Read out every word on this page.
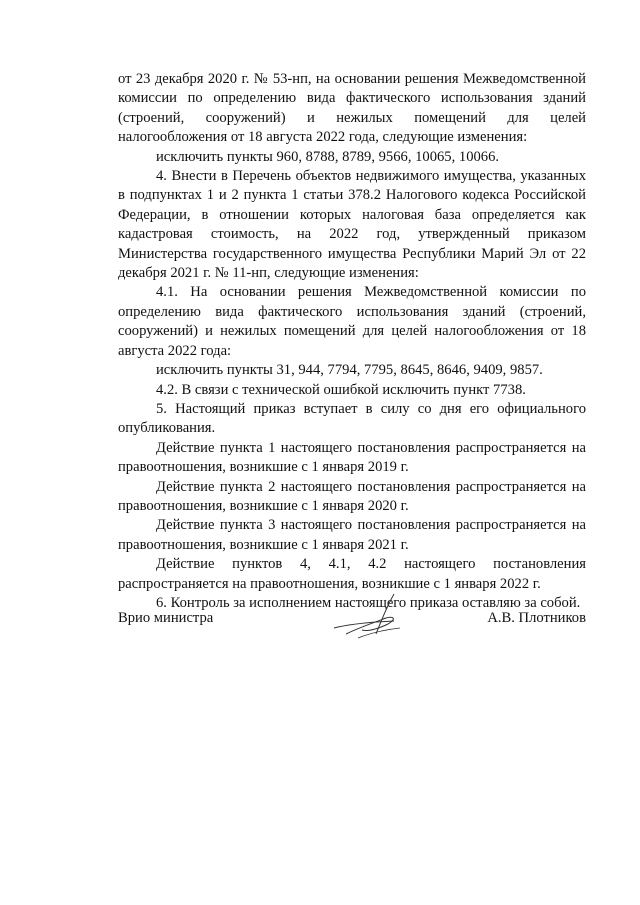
от 23 декабря 2020 г. № 53-нп, на основании решения Межведомственной комиссии по определению вида фактического использования зданий (строений, сооружений) и нежилых помещений для целей налогообложения от 18 августа 2022 года, следующие изменения:

исключить пункты 960, 8788, 8789, 9566, 10065, 10066.

4. Внести в Перечень объектов недвижимого имущества, указанных в подпунктах 1 и 2 пункта 1 статьи 378.2 Налогового кодекса Российской Федерации, в отношении которых налоговая база определяется как кадастровая стоимость, на 2022 год, утвержденный приказом Министерства государственного имущества Республики Марий Эл от 22 декабря 2021 г. № 11-нп, следующие изменения:

4.1. На основании решения Межведомственной комиссии по определению вида фактического использования зданий (строений, сооружений) и нежилых помещений для целей налогообложения от 18 августа 2022 года:

исключить пункты 31, 944, 7794, 7795, 8645, 8646, 9409, 9857.

4.2. В связи с технической ошибкой исключить пункт 7738.

5. Настоящий приказ вступает в силу со дня его официального опубликования.

Действие пункта 1 настоящего постановления распространяется на правоотношения, возникшие с 1 января 2019 г.

Действие пункта 2 настоящего постановления распространяется на правоотношения, возникшие с 1 января 2020 г.

Действие пункта 3 настоящего постановления распространяется на правоотношения, возникшие с 1 января 2021 г.

Действие пунктов 4, 4.1, 4.2 настоящего постановления распространяется на правоотношения, возникшие с 1 января 2022 г.

6. Контроль за исполнением настоящего приказа оставляю за собой.

Врио министра	А.В. Плотников
